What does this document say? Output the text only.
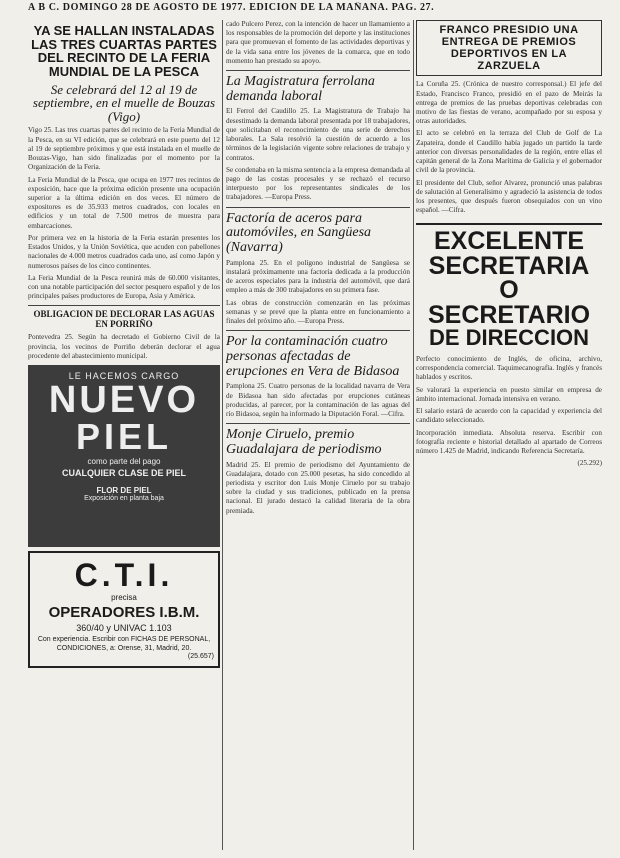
A B C. DOMINGO 28 DE AGOSTO DE 1977. EDICION DE LA MAÑANA. PAG. 27.
YA SE HALLAN INSTALADAS LAS TRES CUARTAS PARTES DEL RECINTO DE LA FERIA MUNDIAL DE LA PESCA
Se celebrará del 12 al 19 de septiembre, en el muelle de Bouzas (Vigo)

Vigo 25. Las tres cuartas partes del recinto de la Feria Mundial de la Pesca, en su VI edición, que se celebrará en este puerto del 12 al 19 de septiembre próximos y que está instalada en el muelle de Bouzas-Vigo, han sido finalizadas por el momento por la Organización de la Feria.

La Feria Mundial de la Pesca, que ocupa en 1977 tres recintos de exposición, hace que la próxima edición presente una ocupación superior a la última edición en dos veces. El número de expositores es de 35.933 metros cuadrados, con locales en edificios y un total de 7.500 metros de muestra para embarcaciones.

Por primera vez en la historia de la Feria estarán presentes los Estados Unidos, y la Unión Soviética, que acuden con pabellones nacionales de 4.000 metros cuadrados cada uno, así como Japón y numerosos países de los cinco continentes.

La Feria Mundial de la Pesca reunirá más de 60.000 visitantes, con una notable participación del sector pesquero español y de los principales países productores de Europa, Asia y América.

OBLIGACION DE DECLORAR LAS AGUAS EN PORRIÑO

Pontevedra 25. Según ha decretado el Gobierno Civil de la provincia, los vecinos de Porriño deberán declorar el agua procedente del abastecimiento municipal.

LE HACEMOS CARGO
NUEVO
PIEL
como parte del pago
CUALQUIER CLASE DE PIEL
FLOR DE PIEL
Exposición en planta baja
C.T.I.
precisa
OPERADORES I.B.M.
360/40 y UNIVAC 1.103
Con experiencia. Escribir con FICHAS DE PERSONAL, CONDICIONES, a: Orense, 31, Madrid, 20.
(25.657)

cado Pulcero Perez, con la intención de hacer un llamamiento a los responsables de la promoción del deporte y las instituciones para que promuevan el fomento de las actividades deportivas y de la vida sana entre los jóvenes de la comarca, que en todo momento han prestado su apoyo.

La Magistratura ferrolana demanda laboral

El Ferrol del Caudillo 25. La Magistratura de Trabajo ha desestimado la demanda laboral presentada por 18 trabajadores, que solicitaban el reconocimiento de una serie de derechos laborales. La Sala resolvió la cuestión de acuerdo a los términos de la legislación vigente sobre relaciones de trabajo y contratos.

Se condenaba en la misma sentencia a la empresa demandada al pago de las costas procesales y se rechazó el recurso interpuesto por los representantes sindicales de los trabajadores. —Europa Press.

Factoría de aceros para automóviles, en Sangüesa (Navarra)

Pamplona 25. En el polígono industrial de Sangüesa se instalará próximamente una factoría dedicada a la producción de aceros especiales para la industria del automóvil, que dará empleo a más de 300 trabajadores en su primera fase.

Las obras de construcción comenzarán en las próximas semanas y se prevé que la planta entre en funcionamiento a finales del próximo año. —Europa Press.

Por la contaminación cuatro personas afectadas de erupciones en Vera de Bidasoa

Pamplona 25. Cuatro personas de la localidad navarra de Vera de Bidasoa han sido afectadas por erupciones cutáneas producidas, al parecer, por la contaminación de las aguas del río Bidasoa, según ha informado la Diputación Foral. —Cifra.

Monje Ciruelo, premio Guadalajara de periodismo

Madrid 25. El premio de periodismo del Ayuntamiento de Guadalajara, dotado con 25.000 pesetas, ha sido concedido al periodista y escritor don Luis Monje Ciruelo por su trabajo sobre la ciudad y sus tradiciones, publicado en la prensa nacional. El jurado destacó la calidad literaria de la obra premiada.

FRANCO PRESIDIO UNA ENTREGA DE PREMIOS DEPORTIVOS EN LA ZARZUELA

La Coruña 25. (Crónica de nuestro corresponsal.) El jefe del Estado, Francisco Franco, presidió en el pazo de Meirás la entrega de premios de las pruebas deportivas celebradas con motivo de las fiestas de verano, acompañado por su esposa y otras autoridades.

El acto se celebró en la terraza del Club de Golf de La Zapateira, donde el Caudillo había jugado un partido la tarde anterior con diversas personalidades de la región, entre ellas el capitán general de la Zona Marítima de Galicia y el gobernador civil de la provincia.

El presidente del Club, señor Alvarez, pronunció unas palabras de salutación al Generalísimo y agradeció la asistencia de todos los presentes, que después fueron obsequiados con un vino español. —Cifra.

EXCELENTE
SECRETARIA
O
SECRETARIO
DE DIRECCION

Perfecto conocimiento de Inglés, de oficina, archivo, correspondencia comercial. Taquimecanografía. Inglés y francés hablados y escritos.

Se valorará la experiencia en puesto similar en empresa de ámbito internacional. Jornada intensiva en verano.

El salario estará de acuerdo con la capacidad y experiencia del candidato seleccionado.

Incorporación inmediata. Absoluta reserva. Escribir con fotografía reciente e historial detallado al apartado de Correos número 1.425 de Madrid, indicando Referencia Secretaría.

(25.292)
